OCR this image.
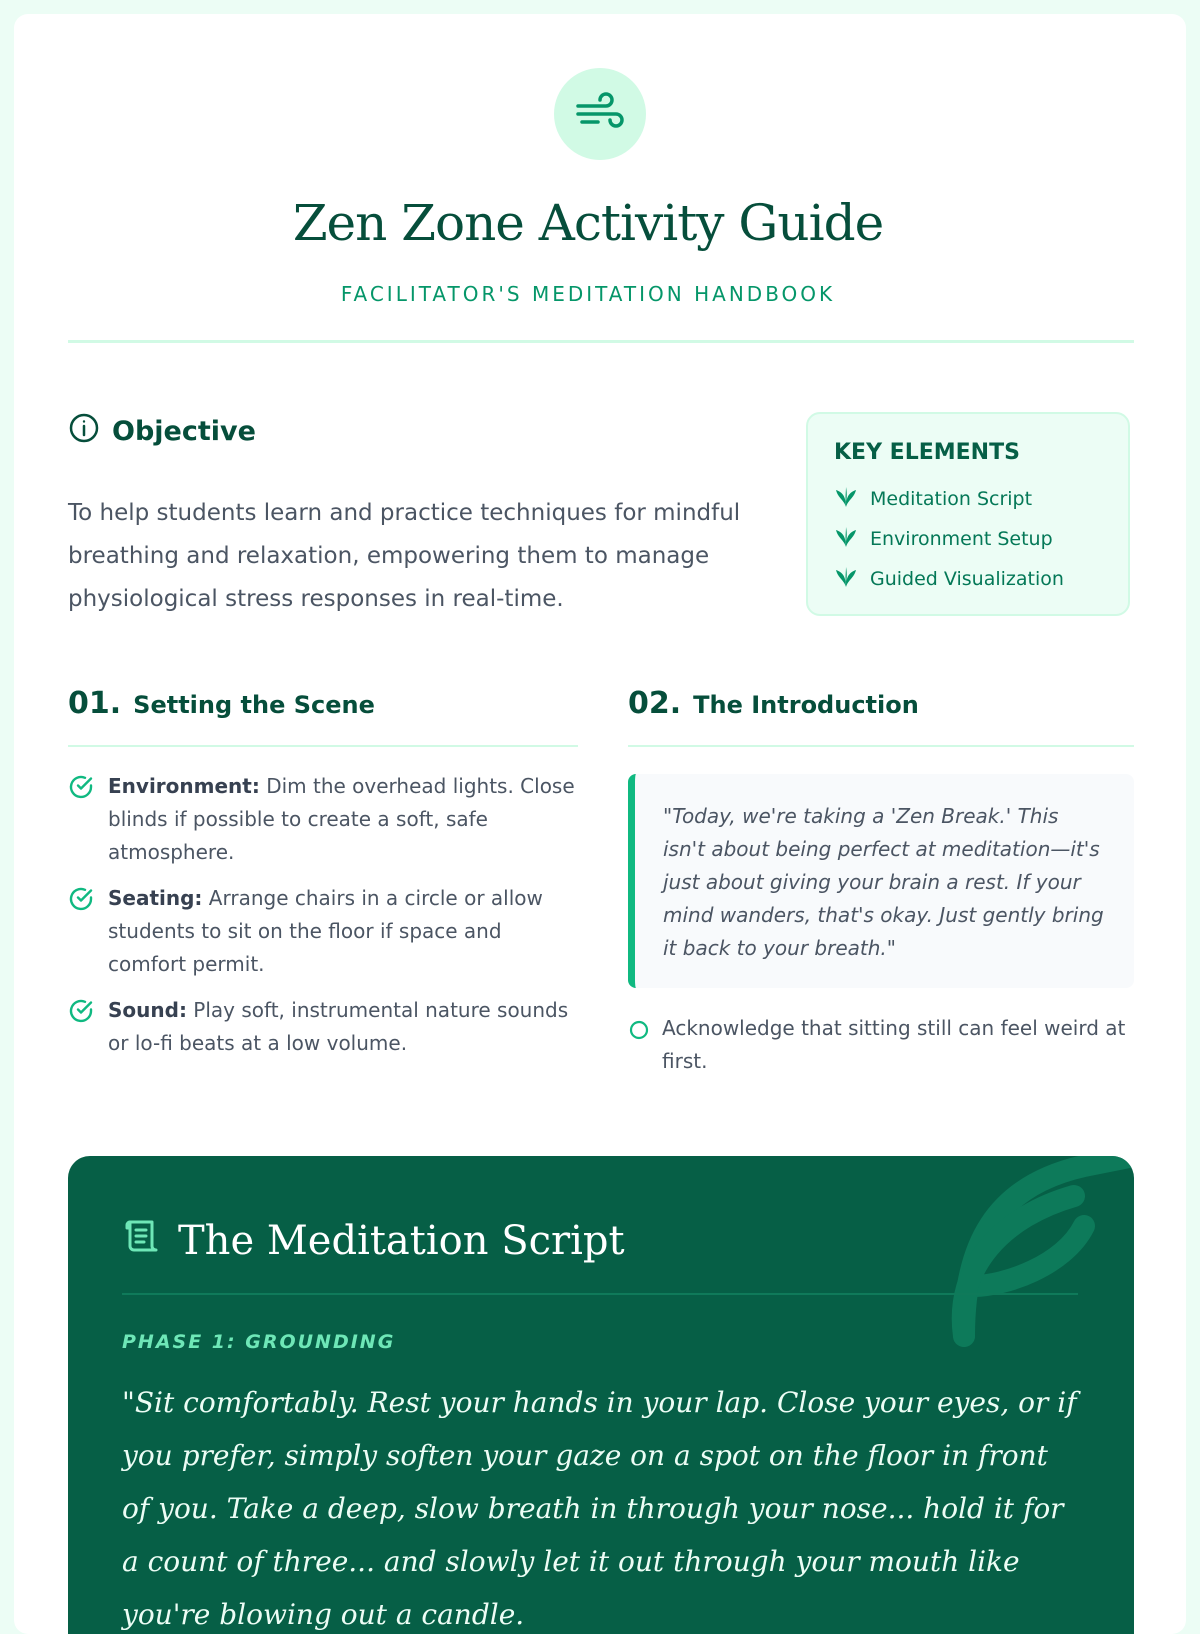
Zen Zone Activity Guide
FACILITATOR'S MEDITATION HANDBOOK
Objective
To help students learn and practice techniques for mindful breathing and relaxation, empowering them to manage physiological stress responses in real-time.
KEY ELEMENTS
Meditation Script
Environment Setup
Guided Visualization
01. Setting the Scene
Environment: Dim the overhead lights. Close blinds if possible to create a soft, safe atmosphere.
Seating: Arrange chairs in a circle or allow students to sit on the floor if space and comfort permit.
Sound: Play soft, instrumental nature sounds or lo-fi beats at a low volume.
02. The Introduction
"Today, we're taking a 'Zen Break.' This isn't about being perfect at meditation—it's just about giving your brain a rest. If your mind wanders, that's okay. Just gently bring it back to your breath."
Acknowledge that sitting still can feel weird at first.
The Meditation Script
PHASE 1: GROUNDING
"Sit comfortably. Rest your hands in your lap. Close your eyes, or if you prefer, simply soften your gaze on a spot on the floor in front of you. Take a deep, slow breath in through your nose... hold it for a count of three... and slowly let it out through your mouth like you're blowing out a candle.
